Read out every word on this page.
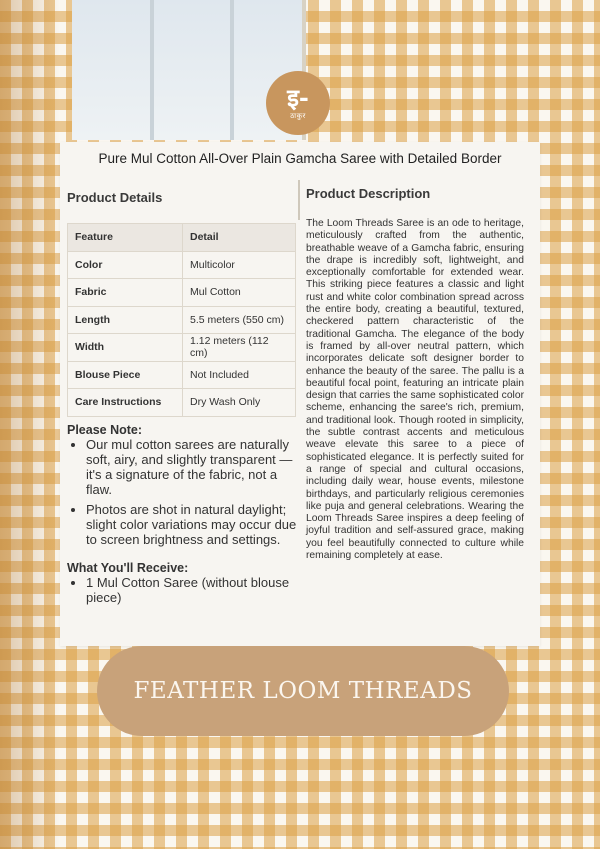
इ-
ठाकुर
Pure Mul Cotton All-Over Plain Gamcha Saree with Detailed Border
Product Details
Feature	Detail
Color	Multicolor
Fabric	Mul Cotton
Length	5.5 meters (550 cm)
Width	1.12 meters (112 cm)
Blouse Piece	Not Included
Care Instructions	Dry Wash Only
Please Note:
• Our mul cotton sarees are naturally soft, airy, and slightly transparent — it's a signature of the fabric, not a flaw.
• Photos are shot in natural daylight; slight color variations may occur due to screen brightness and settings.
What You'll Receive:
• 1 Mul Cotton Saree (without blouse piece)
Product Description

The Loom Threads Saree is an ode to heritage, meticulously crafted from the authentic, breathable weave of a Gamcha fabric, ensuring the drape is incredibly soft, lightweight, and exceptionally comfortable for extended wear. This striking piece features a classic and light rust and white color combination spread across the entire body, creating a beautiful, textured, checkered pattern characteristic of the traditional Gamcha. The elegance of the body is framed by all-over neutral pattern, which incorporates delicate soft designer border to enhance the beauty of the saree. The pallu is a beautiful focal point, featuring an intricate plain design that carries the same sophisticated color scheme, enhancing the saree's rich, premium, and traditional look. Though rooted in simplicity, the subtle contrast accents and meticulous weave elevate this saree to a piece of sophisticated elegance. It is perfectly suited for a range of special and cultural occasions, including daily wear, house events, milestone birthdays, and particularly religious ceremonies like puja and general celebrations. Wearing the Loom Threads Saree inspires a deep feeling of joyful tradition and self-assured grace, making you feel beautifully connected to culture while remaining completely at ease.

FEATHER LOOM THREADS
